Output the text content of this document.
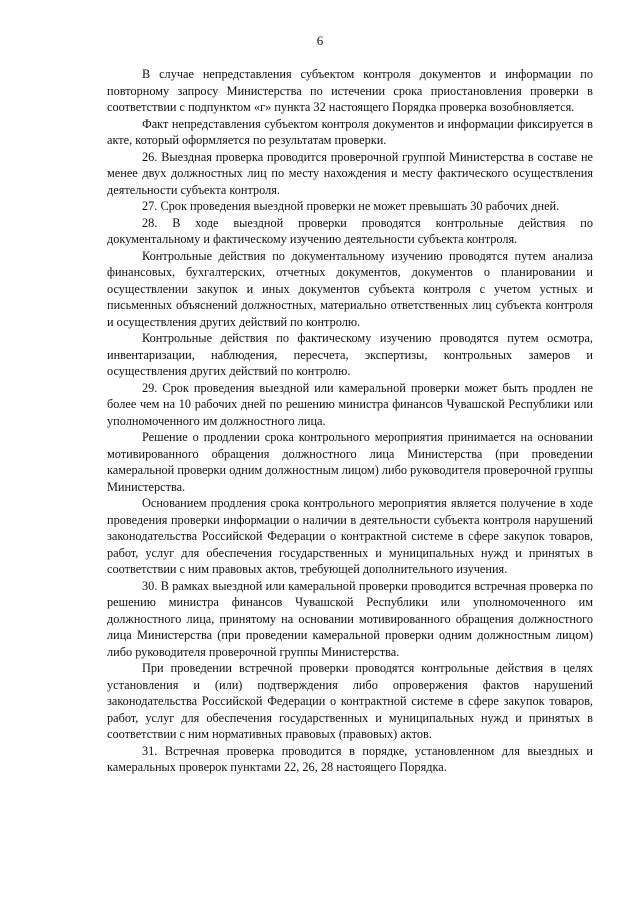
6

В случае непредставления субъектом контроля документов и информации по повторному запросу Министерства по истечении срока приостановления проверки в соответствии с подпунктом «г» пункта 32 настоящего Порядка проверка возобновляется.

Факт непредставления субъектом контроля документов и информации фиксируется в акте, который оформляется по результатам проверки.

26. Выездная проверка проводится проверочной группой Министерства в составе не менее двух должностных лиц по месту нахождения и месту фактического осуществления деятельности субъекта контроля.

27. Срок проведения выездной проверки не может превышать 30 рабочих дней.

28. В ходе выездной проверки проводятся контрольные действия по документальному и фактическому изучению деятельности субъекта контроля.

Контрольные действия по документальному изучению проводятся путем анализа финансовых, бухгалтерских, отчетных документов, документов о планировании и осуществлении закупок и иных документов субъекта контроля с учетом устных и письменных объяснений должностных, материально ответственных лиц субъекта контроля и осуществления других действий по контролю.

Контрольные действия по фактическому изучению проводятся путем осмотра, инвентаризации, наблюдения, пересчета, экспертизы, контрольных замеров и осуществления других действий по контролю.

29. Срок проведения выездной или камеральной проверки может быть продлен не более чем на 10 рабочих дней по решению министра финансов Чувашской Республики или уполномоченного им должностного лица.

Решение о продлении срока контрольного мероприятия принимается на основании мотивированного обращения должностного лица Министерства (при проведении камеральной проверки одним должностным лицом) либо руководителя проверочной группы Министерства.

Основанием продления срока контрольного мероприятия является получение в ходе проведения проверки информации о наличии в деятельности субъекта контроля нарушений законодательства Российской Федерации о контрактной системе в сфере закупок товаров, работ, услуг для обеспечения государственных и муниципальных нужд и принятых в соответствии с ним правовых актов, требующей дополнительного изучения.

30. В рамках выездной или камеральной проверки проводится встречная проверка по решению министра финансов Чувашской Республики или уполномоченного им должностного лица, принятому на основании мотивированного обращения должностного лица Министерства (при проведении камеральной проверки одним должностным лицом) либо руководителя проверочной группы Министерства.

При проведении встречной проверки проводятся контрольные действия в целях установления и (или) подтверждения либо опровержения фактов нарушений законодательства Российской Федерации о контрактной системе в сфере закупок товаров, работ, услуг для обеспечения государственных и муниципальных нужд и принятых в соответствии с ним нормативных правовых (правовых) актов.

31. Встречная проверка проводится в порядке, установленном для выездных и камеральных проверок пунктами 22, 26, 28 настоящего Порядка.
